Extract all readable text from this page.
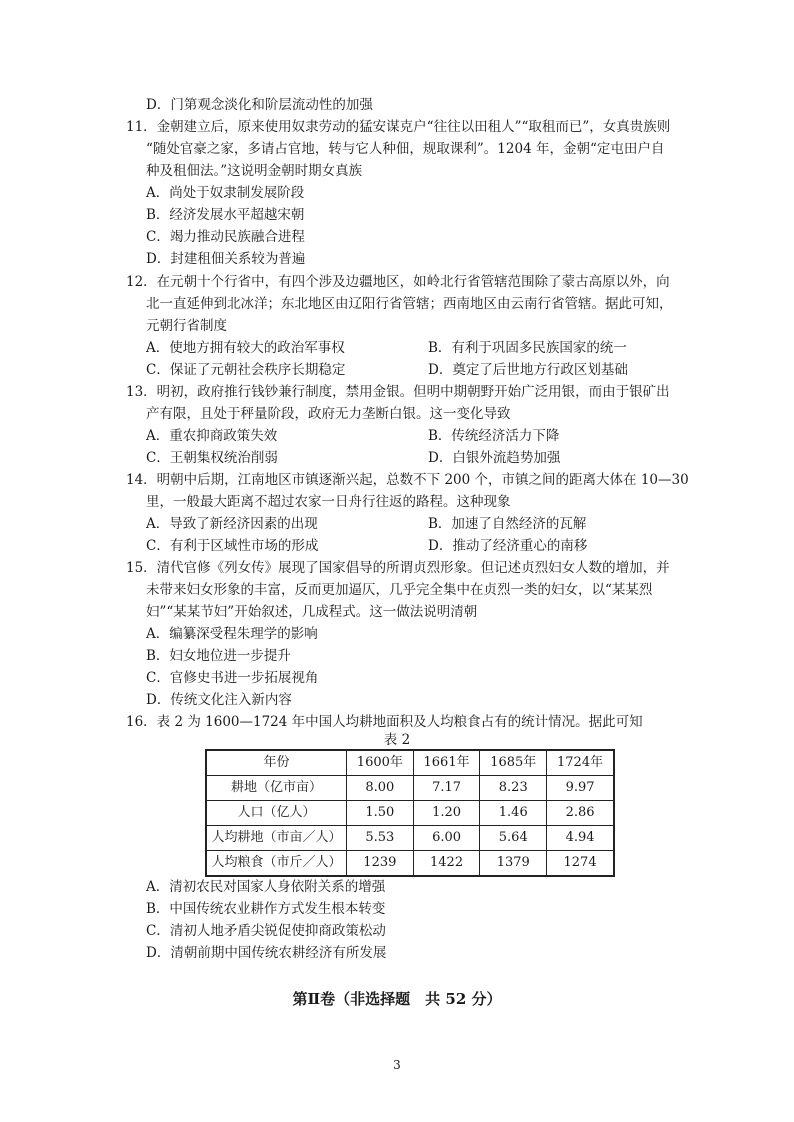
D．门第观念淡化和阶层流动性的加强
11．金朝建立后，原来使用奴隶劳动的猛安谋克户“往往以田租人”“取租而已”，女真贵族则
“随处官豪之家，多请占官地，转与它人种佃，规取课利”。1204 年，金朝“定屯田户自
种及租佃法。”这说明金朝时期女真族
A．尚处于奴隶制发展阶段
B．经济发展水平超越宋朝
C．竭力推动民族融合进程
D．封建租佃关系较为普遍
12．在元朝十个行省中，有四个涉及边疆地区，如岭北行省管辖范围除了蒙古高原以外，向
北一直延伸到北冰洋；东北地区由辽阳行省管辖；西南地区由云南行省管辖。据此可知，
元朝行省制度
A．使地方拥有较大的政治军事权	B．有利于巩固多民族国家的统一
C．保证了元朝社会秩序长期稳定	D．奠定了后世地方行政区划基础
13．明初，政府推行钱钞兼行制度，禁用金银。但明中期朝野开始广泛用银，而由于银矿出
产有限，且处于秤量阶段，政府无力垄断白银。这一变化导致
A．重农抑商政策失效	B．传统经济活力下降
C．王朝集权统治削弱	D．白银外流趋势加强
14．明朝中后期，江南地区市镇逐渐兴起，总数不下 200 个，市镇之间的距离大体在 10—30
里，一般最大距离不超过农家一日舟行往返的路程。这种现象
A．导致了新经济因素的出现	B．加速了自然经济的瓦解
C．有利于区域性市场的形成	D．推动了经济重心的南移
15．清代官修《列女传》展现了国家倡导的所谓贞烈形象。但记述贞烈妇女人数的增加，并
未带来妇女形象的丰富，反而更加逼仄，几乎完全集中在贞烈一类的妇女，以“某某烈
妇”“某某节妇”开始叙述，几成程式。这一做法说明清朝
A．编纂深受程朱理学的影响
B．妇女地位进一步提升
C．官修史书进一步拓展视角
D．传统文化注入新内容
16．表 2 为 1600—1724 年中国人均耕地面积及人均粮食占有的统计情况。据此可知
表 2
年份	1600年	1661年	1685年	1724年
耕地（亿市亩）	8.00	7.17	8.23	9.97
人口（亿人）	1.50	1.20	1.46	2.86
人均耕地（市亩／人）	5.53	6.00	5.64	4.94
人均粮食（市斤／人）	1239	1422	1379	1274
A．清初农民对国家人身依附关系的增强
B．中国传统农业耕作方式发生根本转变
C．清初人地矛盾尖锐促使抑商政策松动
D．清朝前期中国传统农耕经济有所发展
第Ⅱ卷（非选择题　共 52 分）
3
